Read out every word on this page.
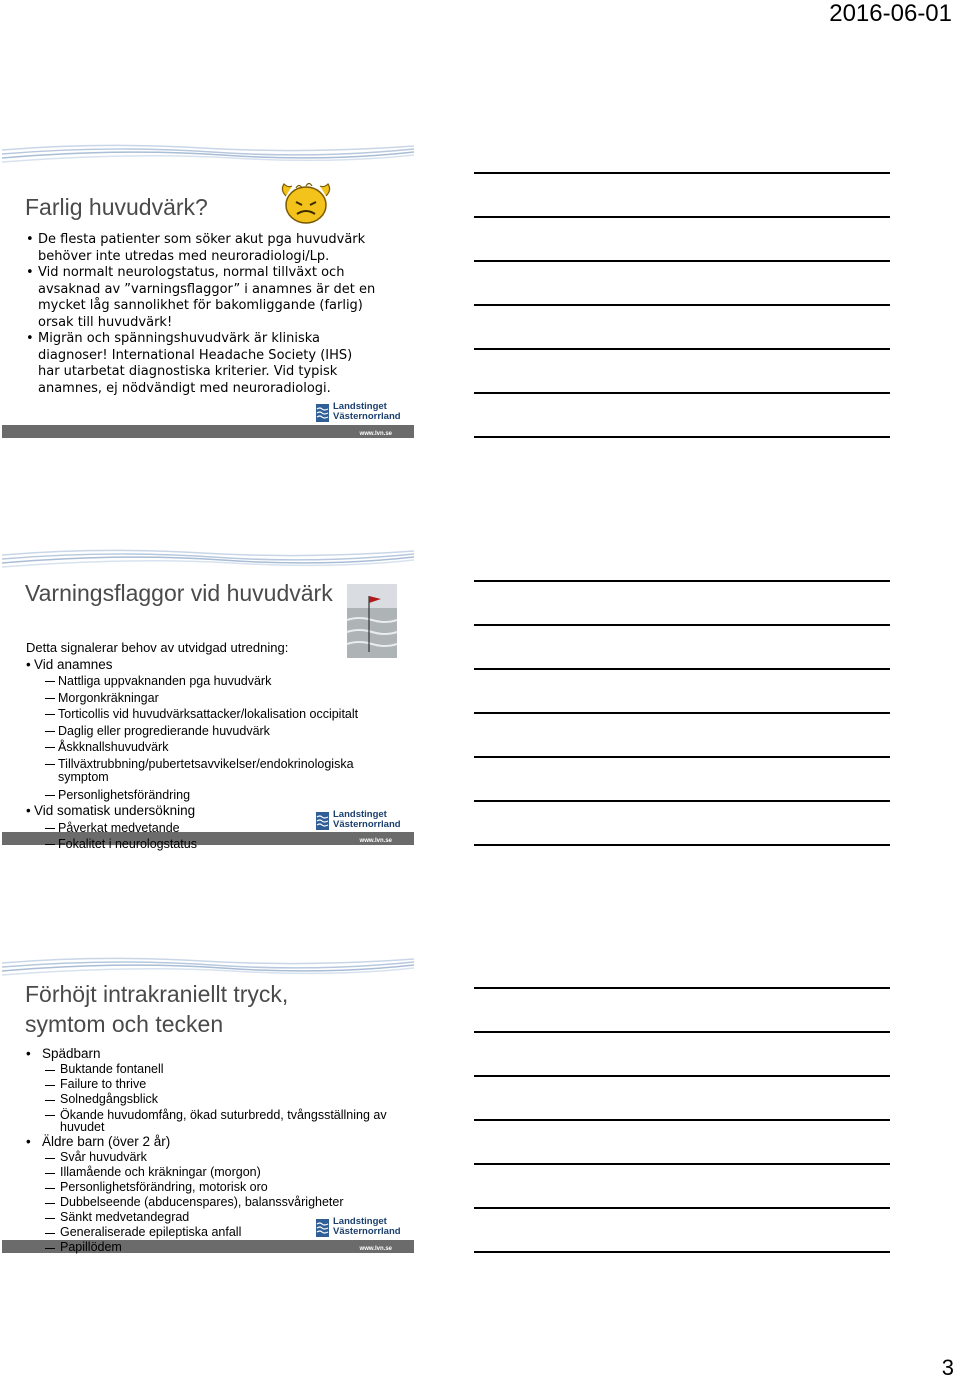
2016-06-01
www.lvn.se
Farlig huvudvärk?
• De flesta patienter som söker akut pga huvudvärk behöver inte utredas med neuroradiologi/Lp.
• Vid normalt neurologstatus, normal tillväxt och avsaknad av ”varningsflaggor” i anamnes är det en mycket låg sannolikhet för bakomliggande (farlig) orsak till huvudvärk!
• Migrän och spänningshuvudvärk är kliniska diagnoser! International Headache Society (IHS) har utarbetat diagnostiska kriterier. Vid typisk anamnes, ej nödvändigt med neuroradiologi.
Landstinget
Västernorrland
www.lvn.se
Varningsflaggor vid huvudvärk
Detta signalerar behov av utvidgad utredning:
• Vid anamnes
Nattliga uppvaknanden pga huvudvärk
Morgonkräkningar
Torticollis vid huvudvärksattacker/lokalisation occipitalt
Daglig eller progredierande huvudvärk
Åskknallshuvudvärk
Tillväxtrubbning/pubertetsavvikelser/endokrinologiska symptom
Personlighetsförändring
• Vid somatisk undersökning
Påverkat medvetande
Fokalitet i neurologstatus
Landstinget
Västernorrland
www.lvn.se
Förhöjt intrakraniellt tryck,
symtom och tecken
• Spädbarn
Buktande fontanell
Failure to thrive
Solnedgångsblick
Ökande huvudomfång, ökad suturbredd, tvångsställning av huvudet
• Äldre barn (över 2 år)
Svår huvudvärk
Illamående och kräkningar (morgon)
Personlighetsförändring, motorisk oro
Dubbelseende (abducenspares), balanssvårigheter
Sänkt medvetandegrad
Generaliserade epileptiska anfall
Papillödem
Landstinget
Västernorrland
3
